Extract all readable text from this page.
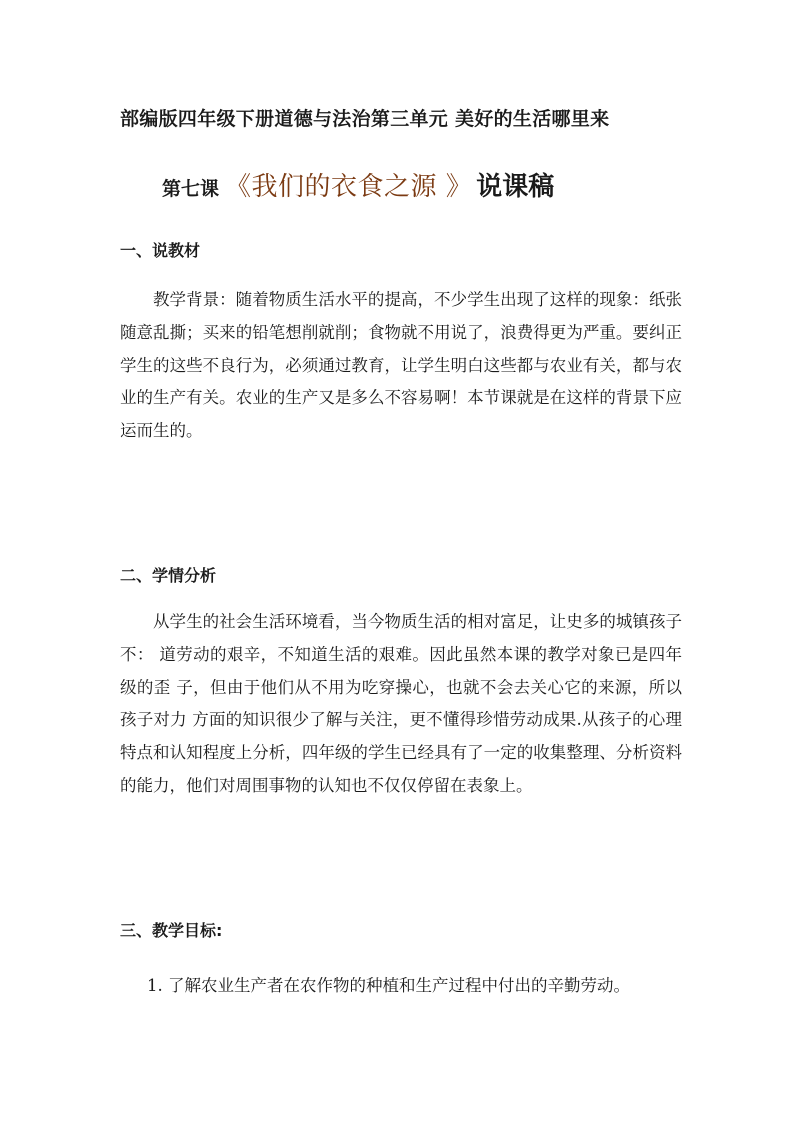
部编版四年级下册道德与法治第三单元 美好的生活哪里来
第七课 《我们的衣食之源 》 说课稿
一、说教材

教学背景：随着物质生活水平的提高，不少学生出现了这样的现象：纸张随意乱撕；买来的铅笔想削就削；食物就不用说了，浪费得更为严重。要纠正学生的这些不良行为，必须通过教育，让学生明白这些都与农业有关，都与农业的生产有关。农业的生产又是多么不容易啊！本节课就是在这样的背景下应运而生的。

二、学情分析

从学生的社会生活环境看，当今物质生活的相对富足，让史多的城镇孩子不： 道劳动的艰辛，不知道生活的艰难。因此虽然本课的教学对象已是四年级的歪 子，但由于他们从不用为吃穿操心，也就不会去关心它的来源，所以孩子对力 方面的知识很少了解与关注，更不懂得珍惜劳动成果.从孩子的心理特点和认知程度上分析，四年级的学生已经具有了一定的收集整理、分析资料的能力，他们对周围事物的认知也不仅仅停留在表象上。

三、教学目标:
1. 了解农业生产者在农作物的种植和生产过程中付出的辛勤劳动。
